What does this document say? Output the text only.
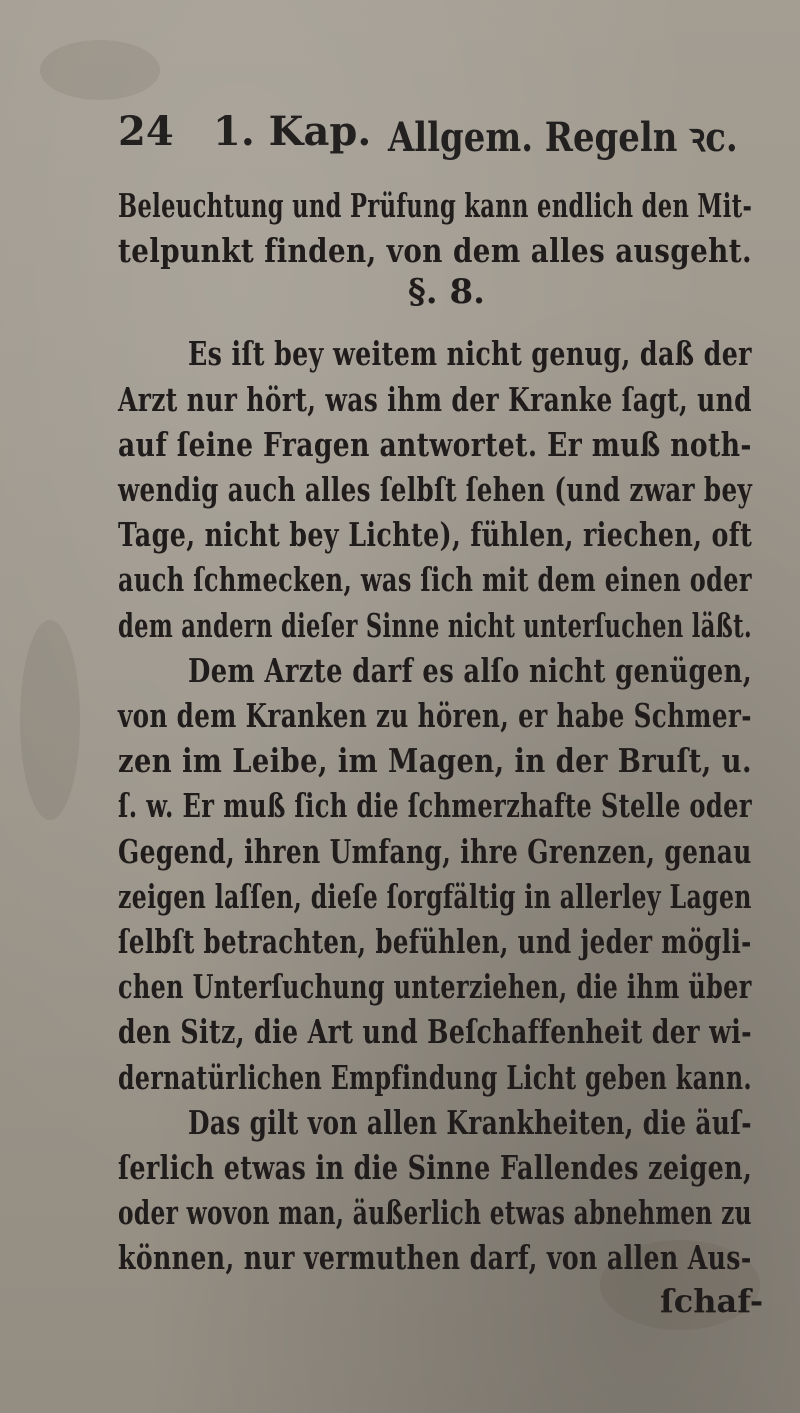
24 1. Kap. Allgem. Regeln ꝛc.
Beleuchtung und Prüfung kann endlich den Mit-
telpunkt finden, von dem alles ausgeht.
§. 8.
Es iſt bey weitem nicht genug, daß der
Arzt nur hört, was ihm der Kranke ſagt, und
auf ſeine Fragen antwortet. Er muß noth-
wendig auch alles ſelbſt ſehen (und zwar bey
Tage, nicht bey Lichte), fühlen, riechen, oft
auch ſchmecken, was ſich mit dem einen oder
dem andern dieſer Sinne nicht unterſuchen läßt.
Dem Arzte darf es alſo nicht genügen,
von dem Kranken zu hören, er habe Schmer-
zen im Leibe, im Magen, in der Bruſt, u.
ſ. w. Er muß ſich die ſchmerzhafte Stelle oder
Gegend, ihren Umfang, ihre Grenzen, genau
zeigen laſſen, dieſe ſorgfältig in allerley Lagen
ſelbſt betrachten, befühlen, und jeder mögli-
chen Unterſuchung unterziehen, die ihm über
den Sitz, die Art und Beſchaffenheit der wi-
dernatürlichen Empfindung Licht geben kann.
Das gilt von allen Krankheiten, die äuſ-
ſerlich etwas in die Sinne Fallendes zeigen,
oder wovon man, äußerlich etwas abnehmen zu
können, nur vermuthen darf, von allen Aus-
ſchaf-
